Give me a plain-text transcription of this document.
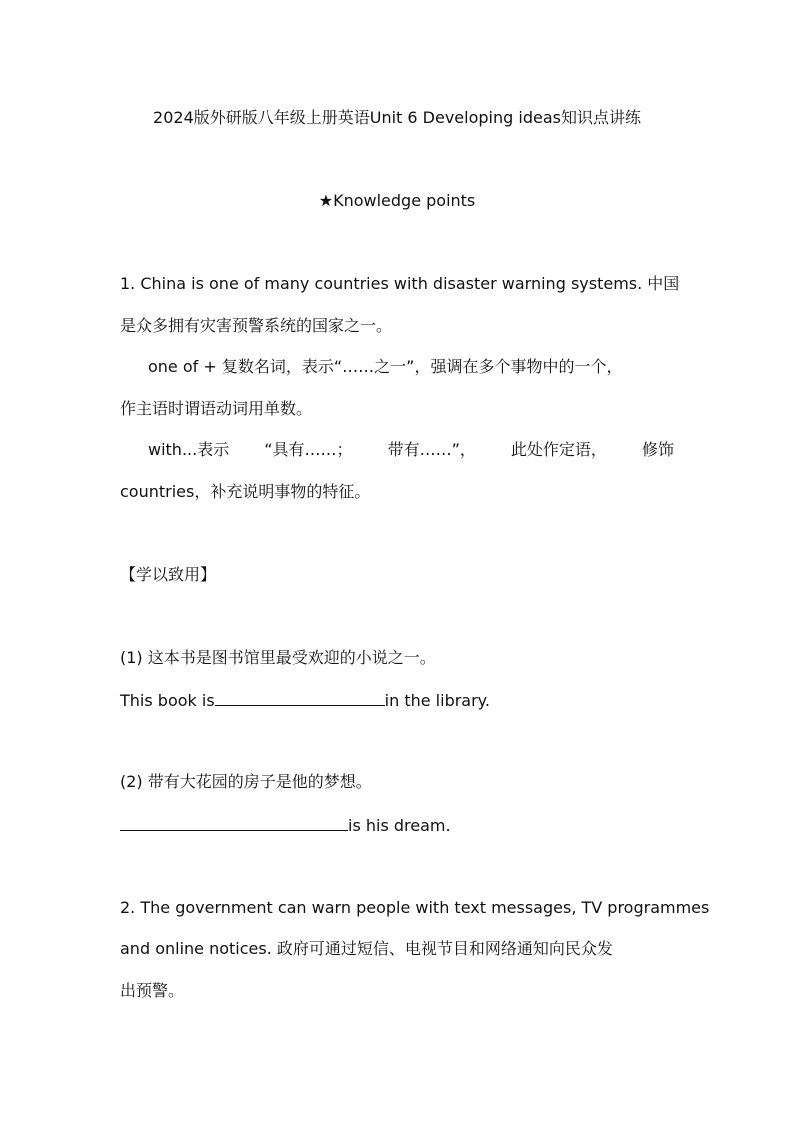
2024版外研版八年级上册英语Unit 6 Developing ideas知识点讲练
★Knowledge points
1. China is one of many countries with disaster warning systems. 中国
是众多拥有灾害预警系统的国家之一。
one of + 复数名词，表示“……之一”，强调在多个事物中的一个，
作主语时谓语动词用单数。
with...表示 “具有……； 带有……”， 此处作定语， 修饰
countries，补充说明事物的特征。
【学以致用】
(1) 这本书是图书馆里最受欢迎的小说之一。
This book is	in the library.
(2) 带有大花园的房子是他的梦想。
is his dream.
2. The government can warn people with text messages, TV programmes
and online notices. 政府可通过短信、电视节目和网络通知向民众发
出预警。
